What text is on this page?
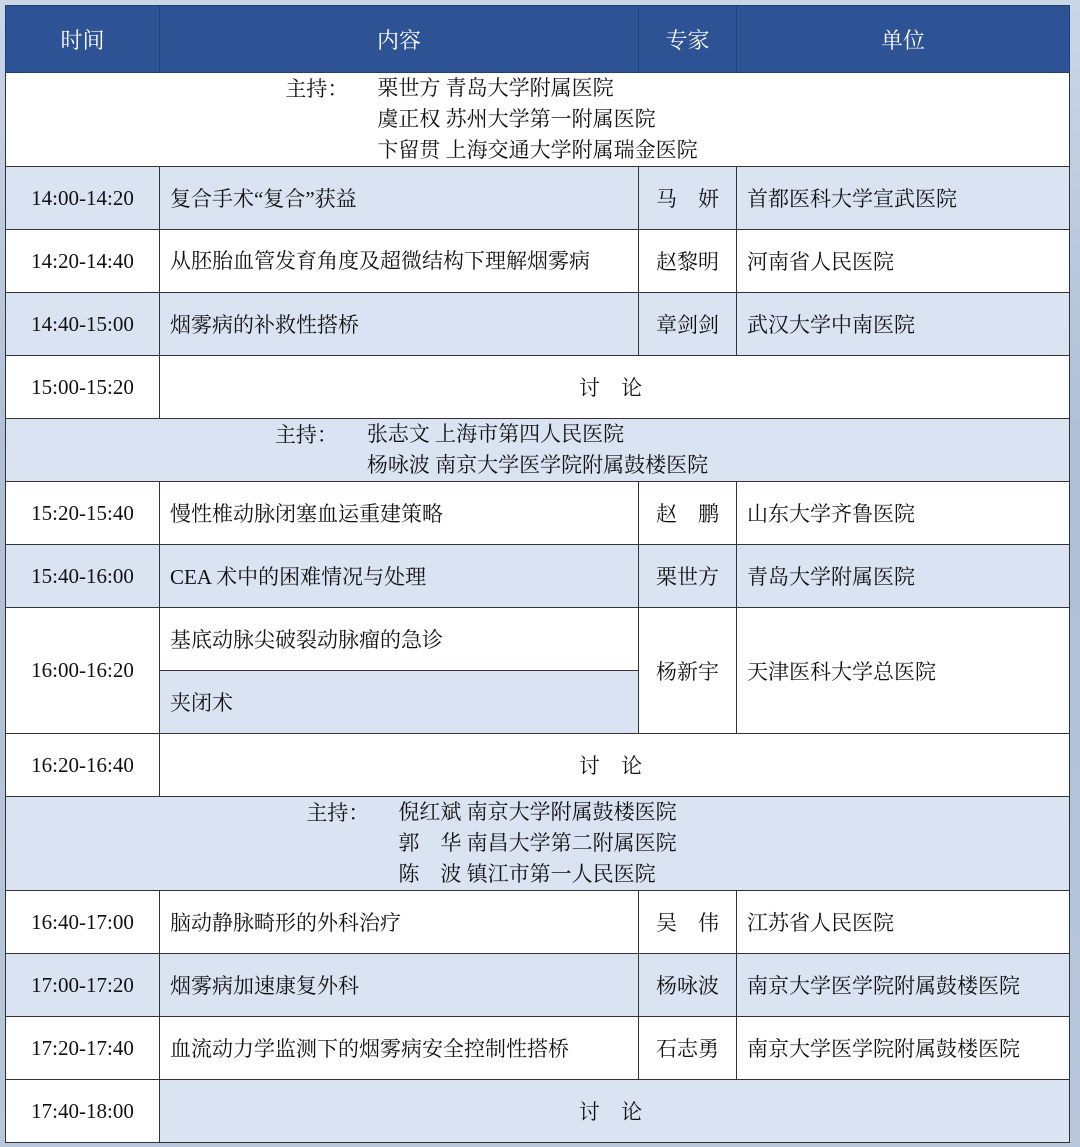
时间	内容	专家	单位

主持： 栗世方 青岛大学附属医院
虞正权 苏州大学第一附属医院
卞留贯 上海交通大学附属瑞金医院			

14:00-14:20	复合手术“复合”获益	马　妍	首都医科大学宣武医院
14:20-14:40	从胚胎血管发育角度及超微结构下理解烟雾病	赵黎明	河南省人民医院
14:40-15:00	烟雾病的补救性搭桥	章剑剑	武汉大学中南医院
15:00-15:20	讨 论		

主持： 张志文 上海市第四人民医院
杨咏波 南京大学医学院附属鼓楼医院			

15:20-15:40	慢性椎动脉闭塞血运重建策略	赵　鹏	山东大学齐鲁医院
15:40-16:00	CEA 术中的困难情况与处理	栗世方	青岛大学附属医院
16:00-16:20	基底动脉尖破裂动脉瘤的急诊	杨新宇	天津医科大学总医院
	夹闭术		
16:20-16:40	讨 论		

主持： 倪红斌 南京大学附属鼓楼医院
郭　华 南昌大学第二附属医院
陈　波 镇江市第一人民医院			

16:40-17:00	脑动静脉畸形的外科治疗	吴　伟	江苏省人民医院
17:00-17:20	烟雾病加速康复外科	杨咏波	南京大学医学院附属鼓楼医院
17:20-17:40	血流动力学监测下的烟雾病安全控制性搭桥	石志勇	南京大学医学院附属鼓楼医院
17:40-18:00	讨 论		
